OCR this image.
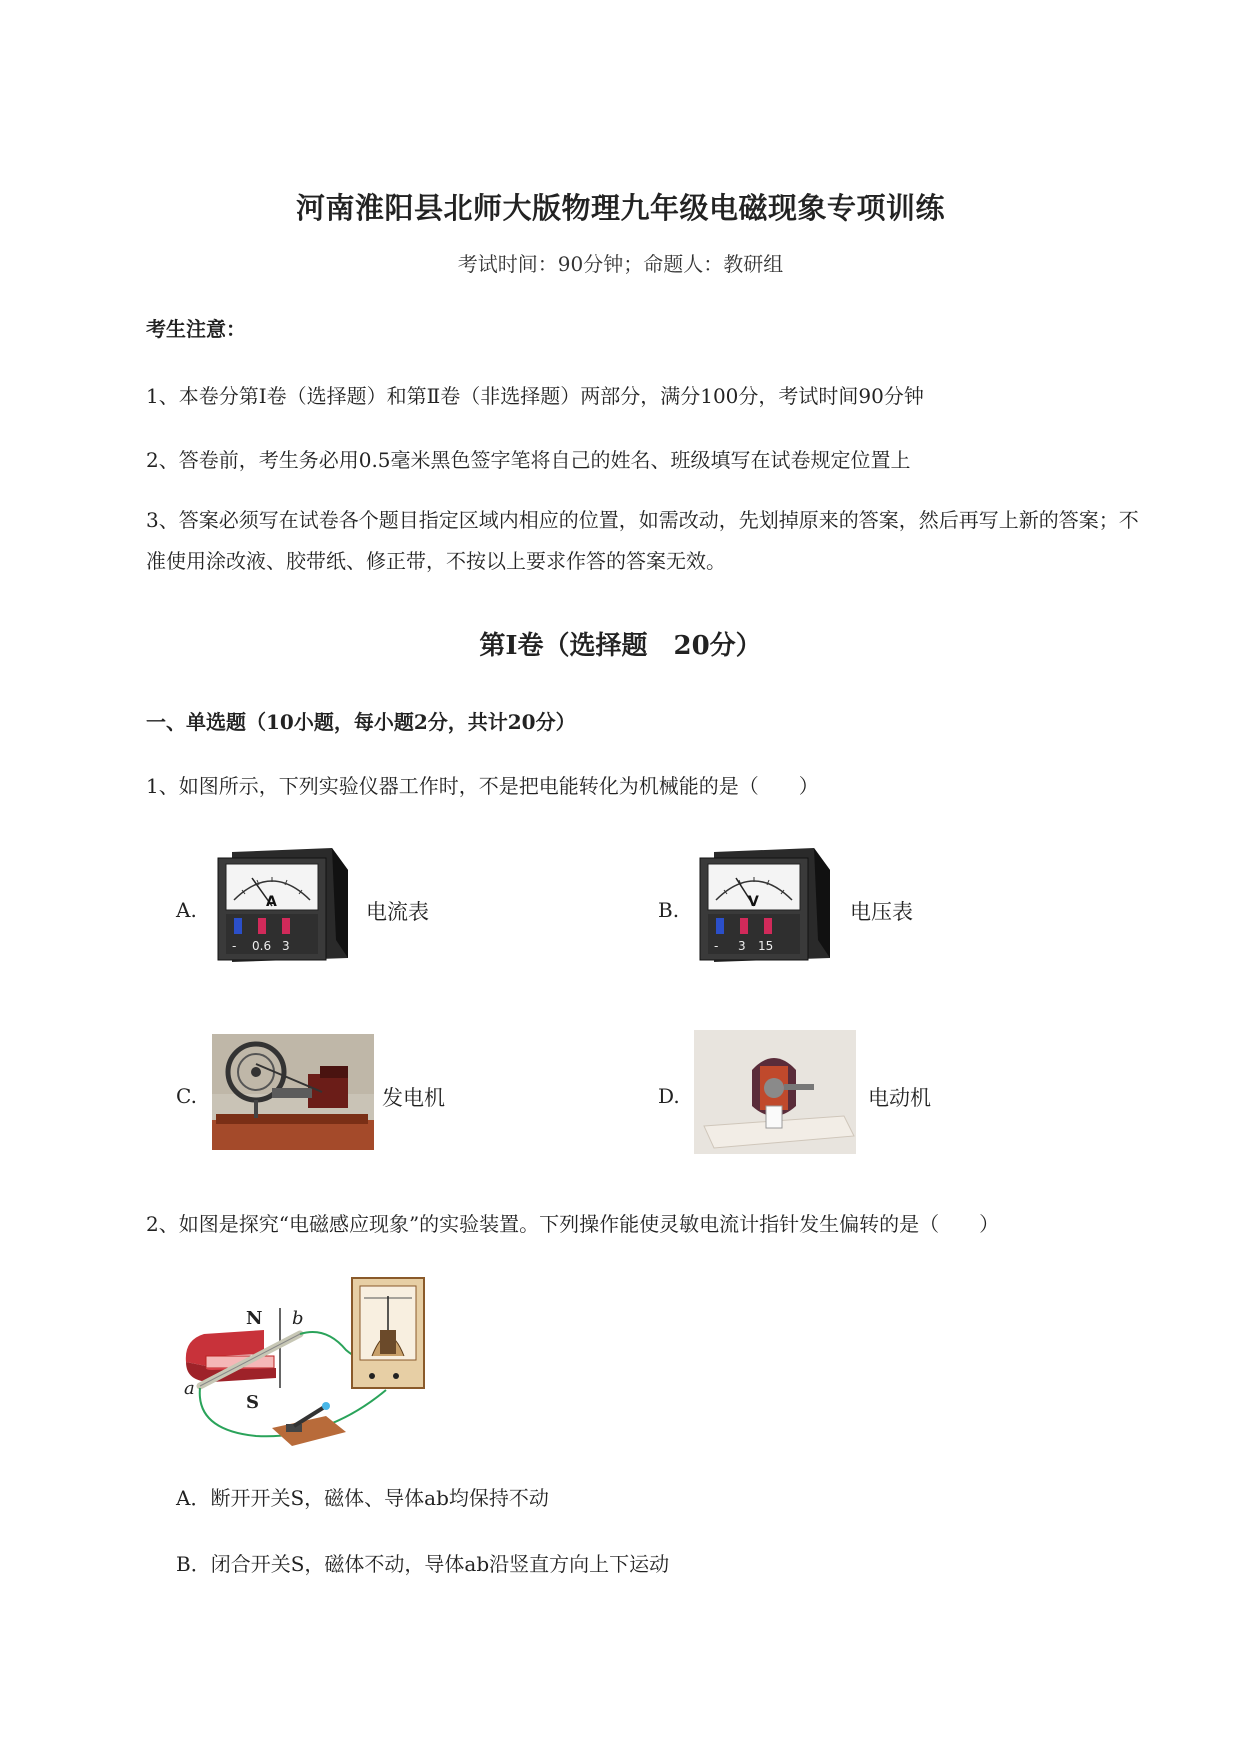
河南淮阳县北师大版物理九年级电磁现象专项训练
考试时间：90分钟；命题人：教研组
考生注意：
1、本卷分第Ⅰ卷（选择题）和第Ⅱ卷（非选择题）两部分，满分100分，考试时间90分钟
2、答卷前，考生务必用0.5毫米黑色签字笔将自己的姓名、班级填写在试卷规定位置上
3、答案必须写在试卷各个题目指定区域内相应的位置，如需改动，先划掉原来的答案，然后再写上新的答案；不准使用涂改液、胶带纸、修正带，不按以上要求作答的答案无效。
第Ⅰ卷（选择题　20分）
一、单选题（10小题，每小题2分，共计20分）
1、如图所示，下列实验仪器工作时，不是把电能转化为机械能的是（　　）
A.	A
- 0.6 3
电流表	B.	V
- 3 15
电压表
C.	发电机	D.	电动机
2、如图是探究“电磁感应现象”的实验装置。下列操作能使灵敏电流计指针发生偏转的是（　　）
N
S
a
b
A．断开开关S，磁体、导体ab均保持不动
B．闭合开关S，磁体不动，导体ab沿竖直方向上下运动
